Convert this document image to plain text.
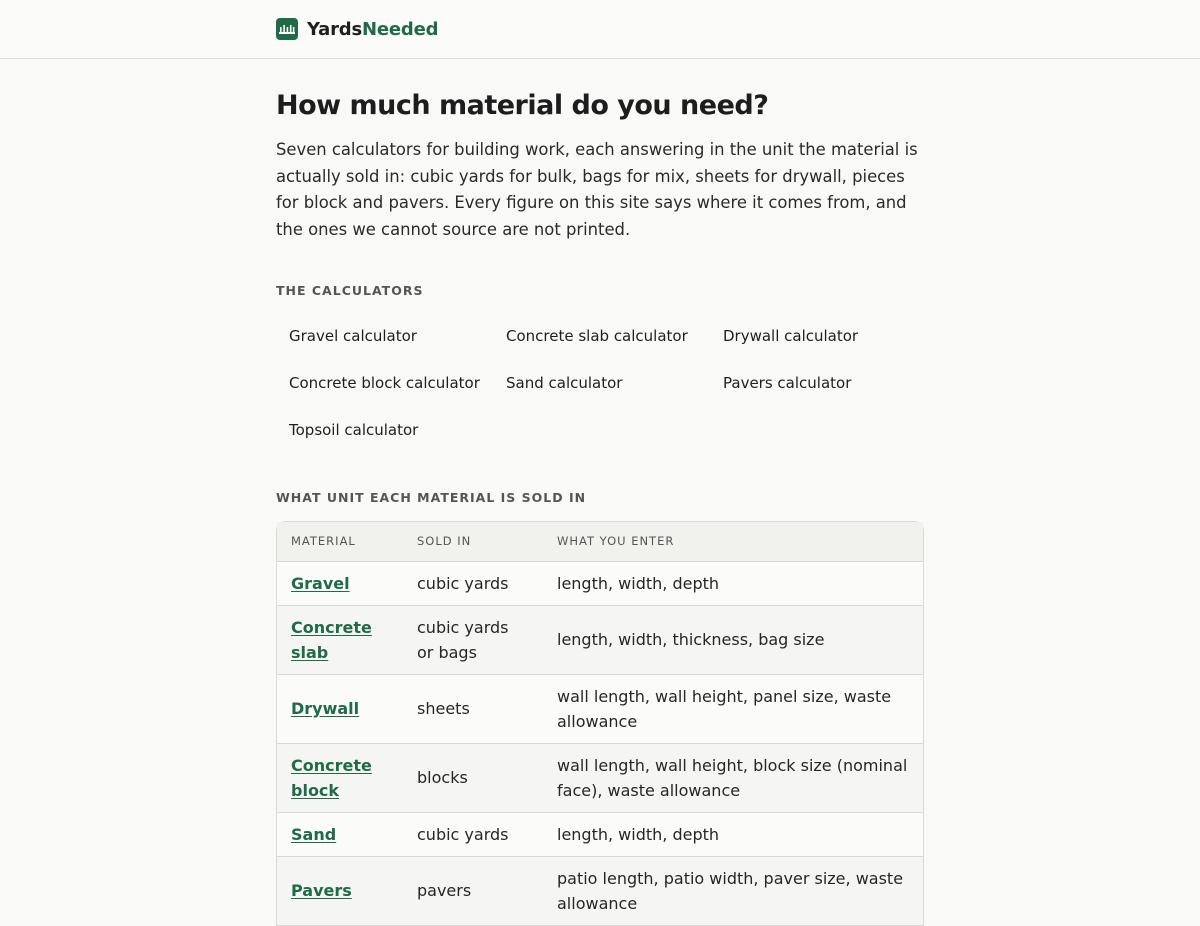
YardsNeeded
How much material do you need?

Seven calculators for building work, each answering in the unit the material is actually sold in: cubic yards for bulk, bags for mix, sheets for drywall, pieces for block and pavers. Every figure on this site says where it comes from, and the ones we cannot source are not printed.

THE CALCULATORS
Gravel calculator	Concrete slab calculator	Drywall calculator
Concrete block calculator	Sand calculator	Pavers calculator
Topsoil calculator
WHAT UNIT EACH MATERIAL IS SOLD IN
MATERIAL	SOLD IN	WHAT YOU ENTER
Gravel	cubic yards	length, width, depth
Concrete slab	cubic yards or bags	length, width, thickness, bag size
Drywall	sheets	wall length, wall height, panel size, waste allowance
Concrete block	blocks	wall length, wall height, block size (nominal face), waste allowance
Sand	cubic yards	length, width, depth
Pavers	pavers	patio length, patio width, paver size, waste allowance
